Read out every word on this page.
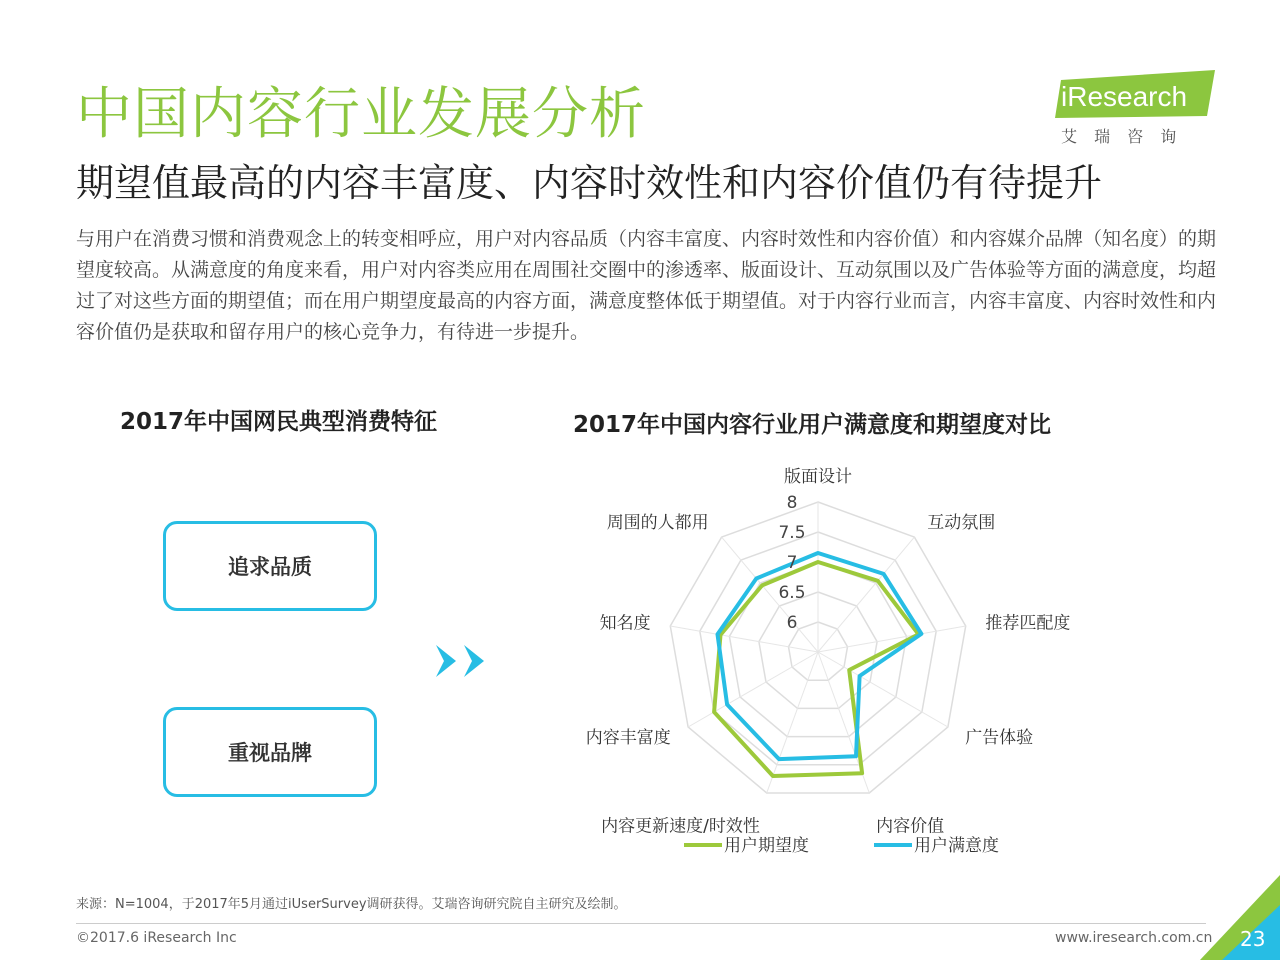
中国内容行业发展分析
期望值最高的内容丰富度、内容时效性和内容价值仍有待提升
与用户在消费习惯和消费观念上的转变相呼应，用户对内容品质（内容丰富度、内容时效性和内容价值）和内容媒介品牌（知名度）的期望度较高。从满意度的角度来看，用户对内容类应用在周围社交圈中的渗透率、版面设计、互动氛围以及广告体验等方面的满意度，均超过了对这些方面的期望值；而在用户期望度最高的内容方面，满意度整体低于期望值。对于内容行业而言，内容丰富度、内容时效性和内容价值仍是获取和留存用户的核心竞争力，有待进一步提升。
iResearch
艾 瑞 咨 询
2017年中国网民典型消费特征	2017年中国内容行业用户满意度和期望度对比
追求品质
重视品牌
6
6.5
7
7.5
8
版面设计
互动氛围
推荐匹配度
广告体验
内容价值
内容更新速度/时效性
内容丰富度
知名度
周围的人都用
用户期望度	用户满意度
来源：N=1004，于2017年5月通过iUserSurvey调研获得。艾瑞咨询研究院自主研究及绘制。
©2017.6 iResearch Inc	www.iresearch.com.cn 23
